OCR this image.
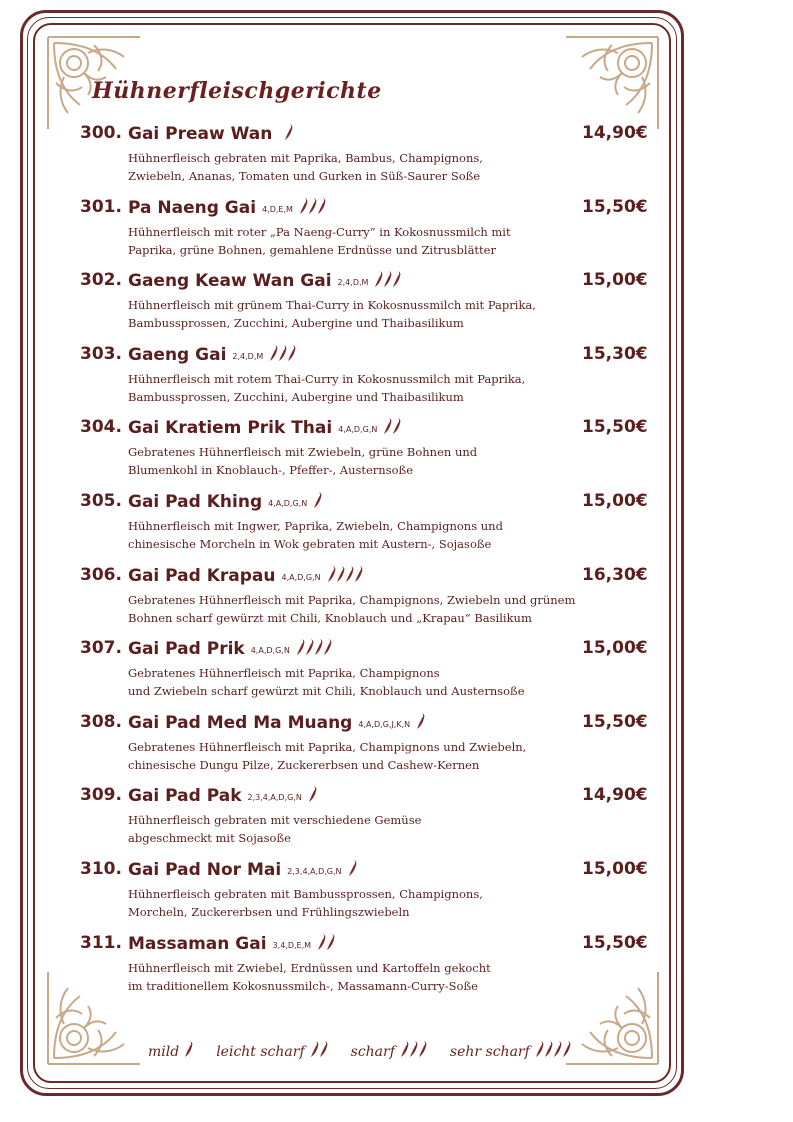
Hühnerfleischgerichte
300. Gai Preaw Wan	14,90€
Hühnerfleisch gebraten mit Paprika, Bambus, Champignons,
Zwiebeln, Ananas, Tomaten und Gurken in Süß-Saurer Soße
301. Pa Naeng Gai 4,D,E,M	15,50€
Hühnerfleisch mit roter „Pa Naeng-Curry“ in Kokosnussmilch mit
Paprika, grüne Bohnen, gemahlene Erdnüsse und Zitrusblätter
302. Gaeng Keaw Wan Gai 2,4,D,M	15,00€
Hühnerfleisch mit grünem Thai-Curry in Kokosnussmilch mit Paprika,
Bambussprossen, Zucchini, Aubergine und Thaibasilikum
303. Gaeng Gai 2,4,D,M	15,30€
Hühnerfleisch mit rotem Thai-Curry in Kokosnussmilch mit Paprika,
Bambussprossen, Zucchini, Aubergine und Thaibasilikum
304. Gai Kratiem Prik Thai 4,A,D,G,N	15,50€
Gebratenes Hühnerfleisch mit Zwiebeln, grüne Bohnen und
Blumenkohl in Knoblauch-, Pfeffer-, Austernsoße
305. Gai Pad Khing 4,A,D,G,N	15,00€
Hühnerfleisch mit Ingwer, Paprika, Zwiebeln, Champignons und
chinesische Morcheln in Wok gebraten mit Austern-, Sojasoße
306. Gai Pad Krapau 4,A,D,G,N	16,30€
Gebratenes Hühnerfleisch mit Paprika, Champignons, Zwiebeln und grünem
Bohnen scharf gewürzt mit Chili, Knoblauch und „Krapau“ Basilikum
307. Gai Pad Prik 4,A,D,G,N	15,00€
Gebratenes Hühnerfleisch mit Paprika, Champignons
und Zwiebeln scharf gewürzt mit Chili, Knoblauch und Austernsoße
308. Gai Pad Med Ma Muang 4,A,D,G,J,K,N	15,50€
Gebratenes Hühnerfleisch mit Paprika, Champignons und Zwiebeln,
chinesische Dungu Pilze, Zuckererbsen und Cashew-Kernen
309. Gai Pad Pak 2,3,4,A,D,G,N	14,90€
Hühnerfleisch gebraten mit verschiedene Gemüse
abgeschmeckt mit Sojasoße
310. Gai Pad Nor Mai 2,3,4,A,D,G,N	15,00€
Hühnerfleisch gebraten mit Bambussprossen, Champignons,
Morcheln, Zuckererbsen und Frühlingszwiebeln
311. Massaman Gai 3,4,D,E,M	15,50€
Hühnerfleisch mit Zwiebel, Erdnüssen und Kartoffeln gekocht
im traditionellem Kokosnussmilch-, Massamann-Curry-Soße
mild	leicht scharf	scharf	sehr scharf
